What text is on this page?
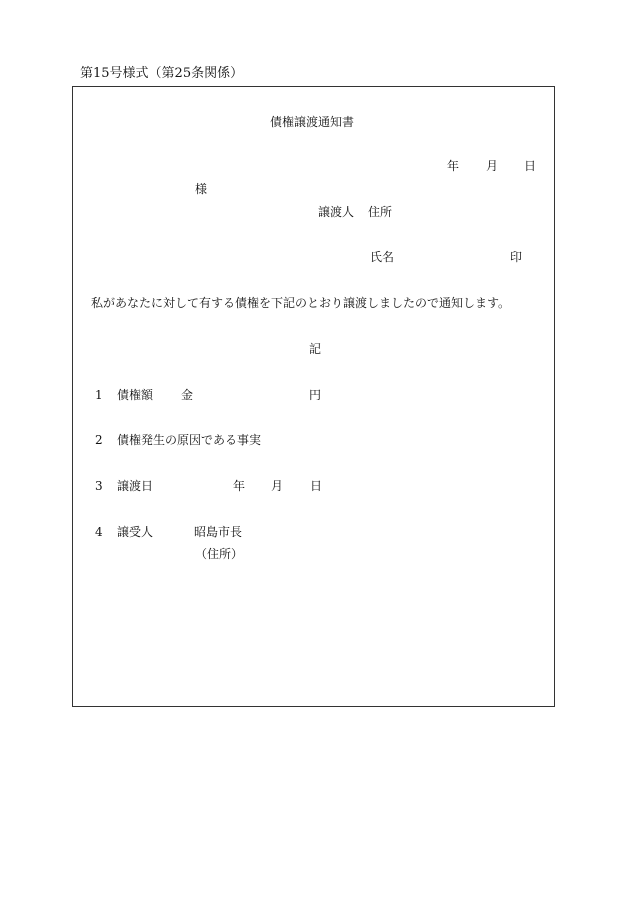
第15号様式（第25条関係）
債権譲渡通知書
年 月 日
様
譲渡人 住所
氏名	印
私があなたに対して有する債権を下記のとおり譲渡しましたので通知します。
記
1 債権額 金	円
2 債権発生の原因である事実
3 譲渡日	年 月 日
4 譲受人	昭島市長
（住所）
